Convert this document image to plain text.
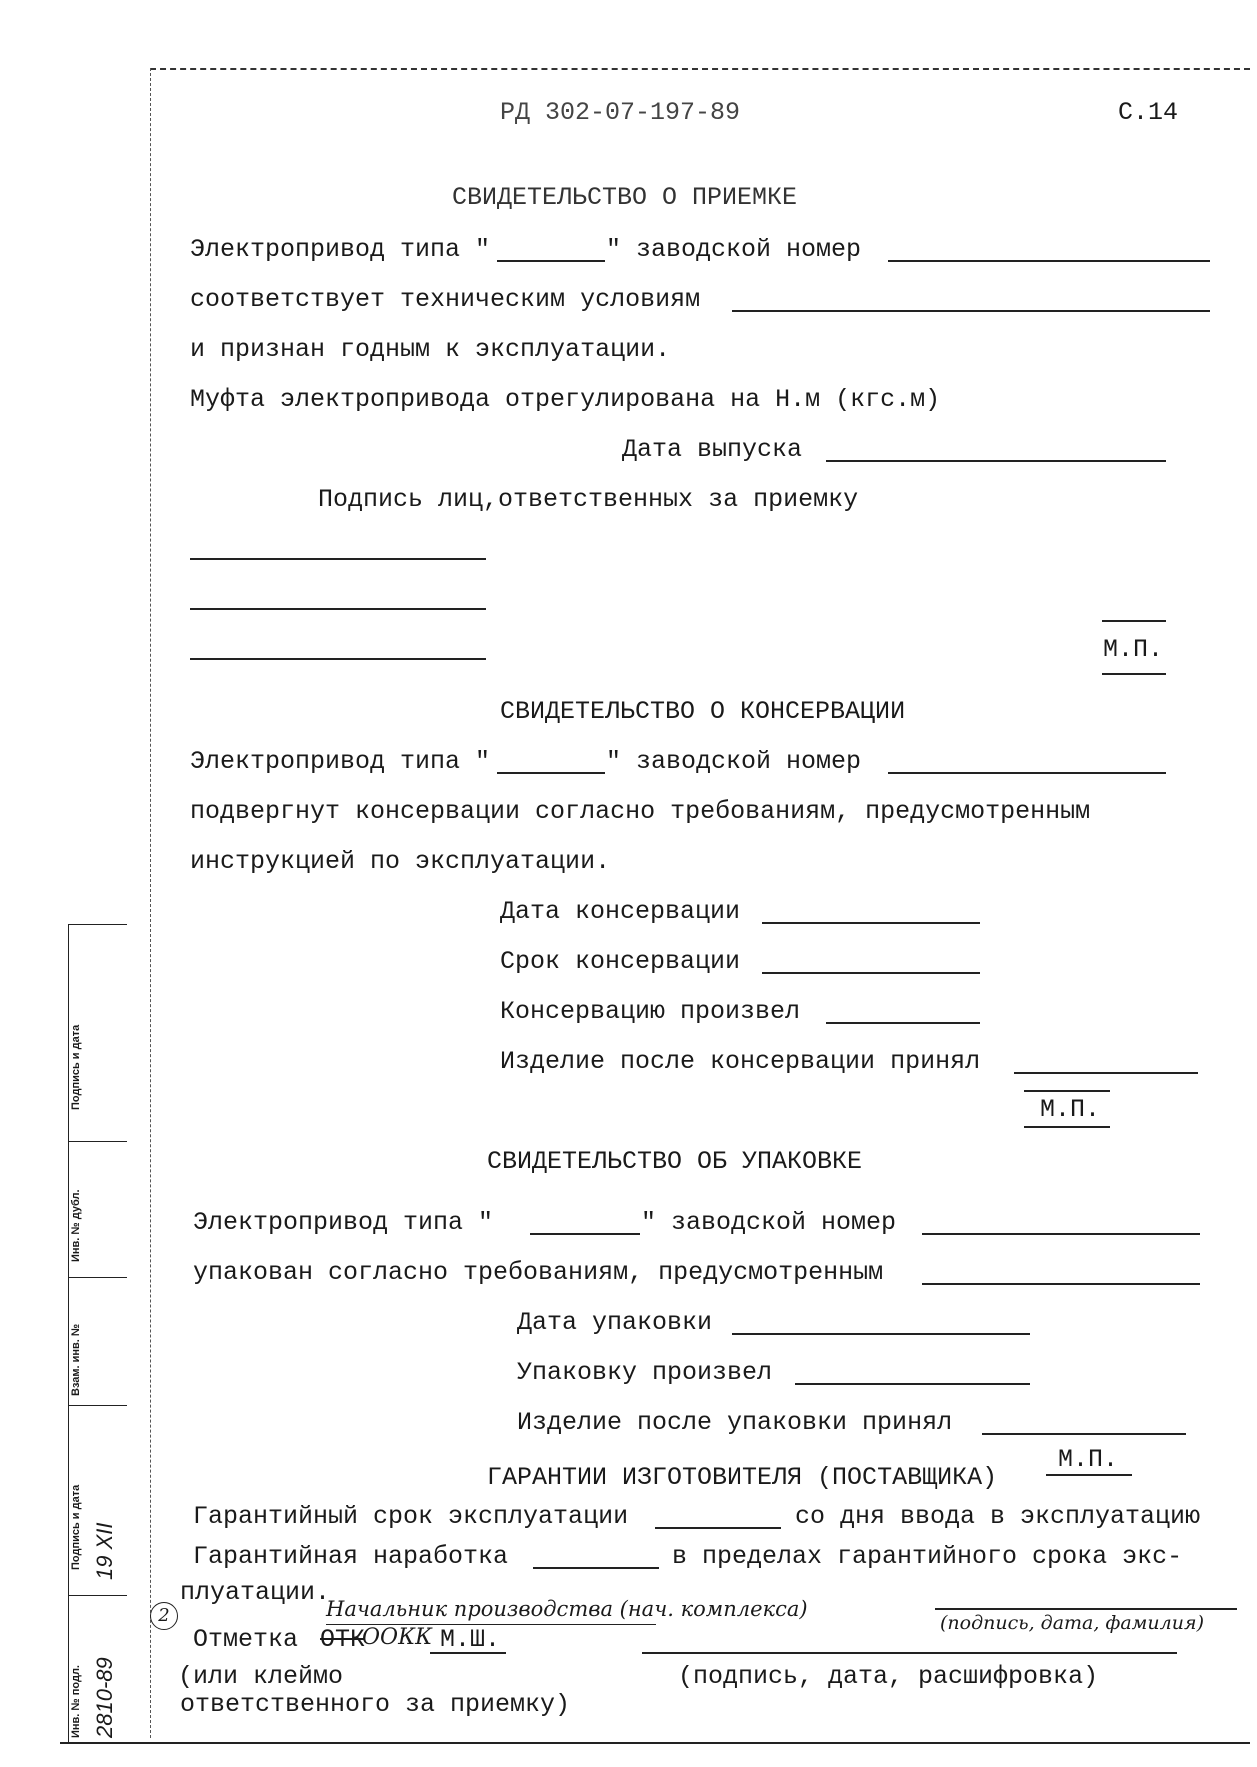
РД 302-07-197-89	С.14
СВИДЕТЕЛЬСТВО О ПРИЕМКЕ
Электропривод типа "	" заводской номер
соответствует техническим условиям
и признан годным к эксплуатации.
Муфта электропривода отрегулирована на Н.м (кгс.м)
Дата выпуска
Подпись лиц,ответственных за приемку
М.П.
СВИДЕТЕЛЬСТВО О КОНСЕРВАЦИИ
Электропривод типа "	" заводской номер
подвергнут консервации согласно требованиям, предусмотренным
инструкцией по эксплуатации.
Дата консервации
Срок консервации
Консервацию произвел
Изделие после консервации принял
М.П.
СВИДЕТЕЛЬСТВО ОБ УПАКОВКЕ
Электропривод типа "	" заводской номер
упакован согласно требованиям, предусмотренным
Дата упаковки
Упаковку произвел
Изделие после упаковки принял
М.П.
ГАРАНТИИ ИЗГОТОВИТЕЛЯ (ПОСТАВЩИКА)
Гарантийный срок эксплуатации	со дня ввода в эксплуатацию
Гарантийная наработка	в пределах гарантийного срока экс-
плуатации.
2	Начальник производства (нач. комплекса)
(подпись, дата, фамилия)
Отметка ОТК
ООКК М.Ш.
(или клеймо	(подпись, дата, расшифровка)
ответственного за приемку)
Подпись и дата
Инв. № дубл.
Взам. инв. №
Подпись и дата
Инв. № подл.
19 XII
2810-89
